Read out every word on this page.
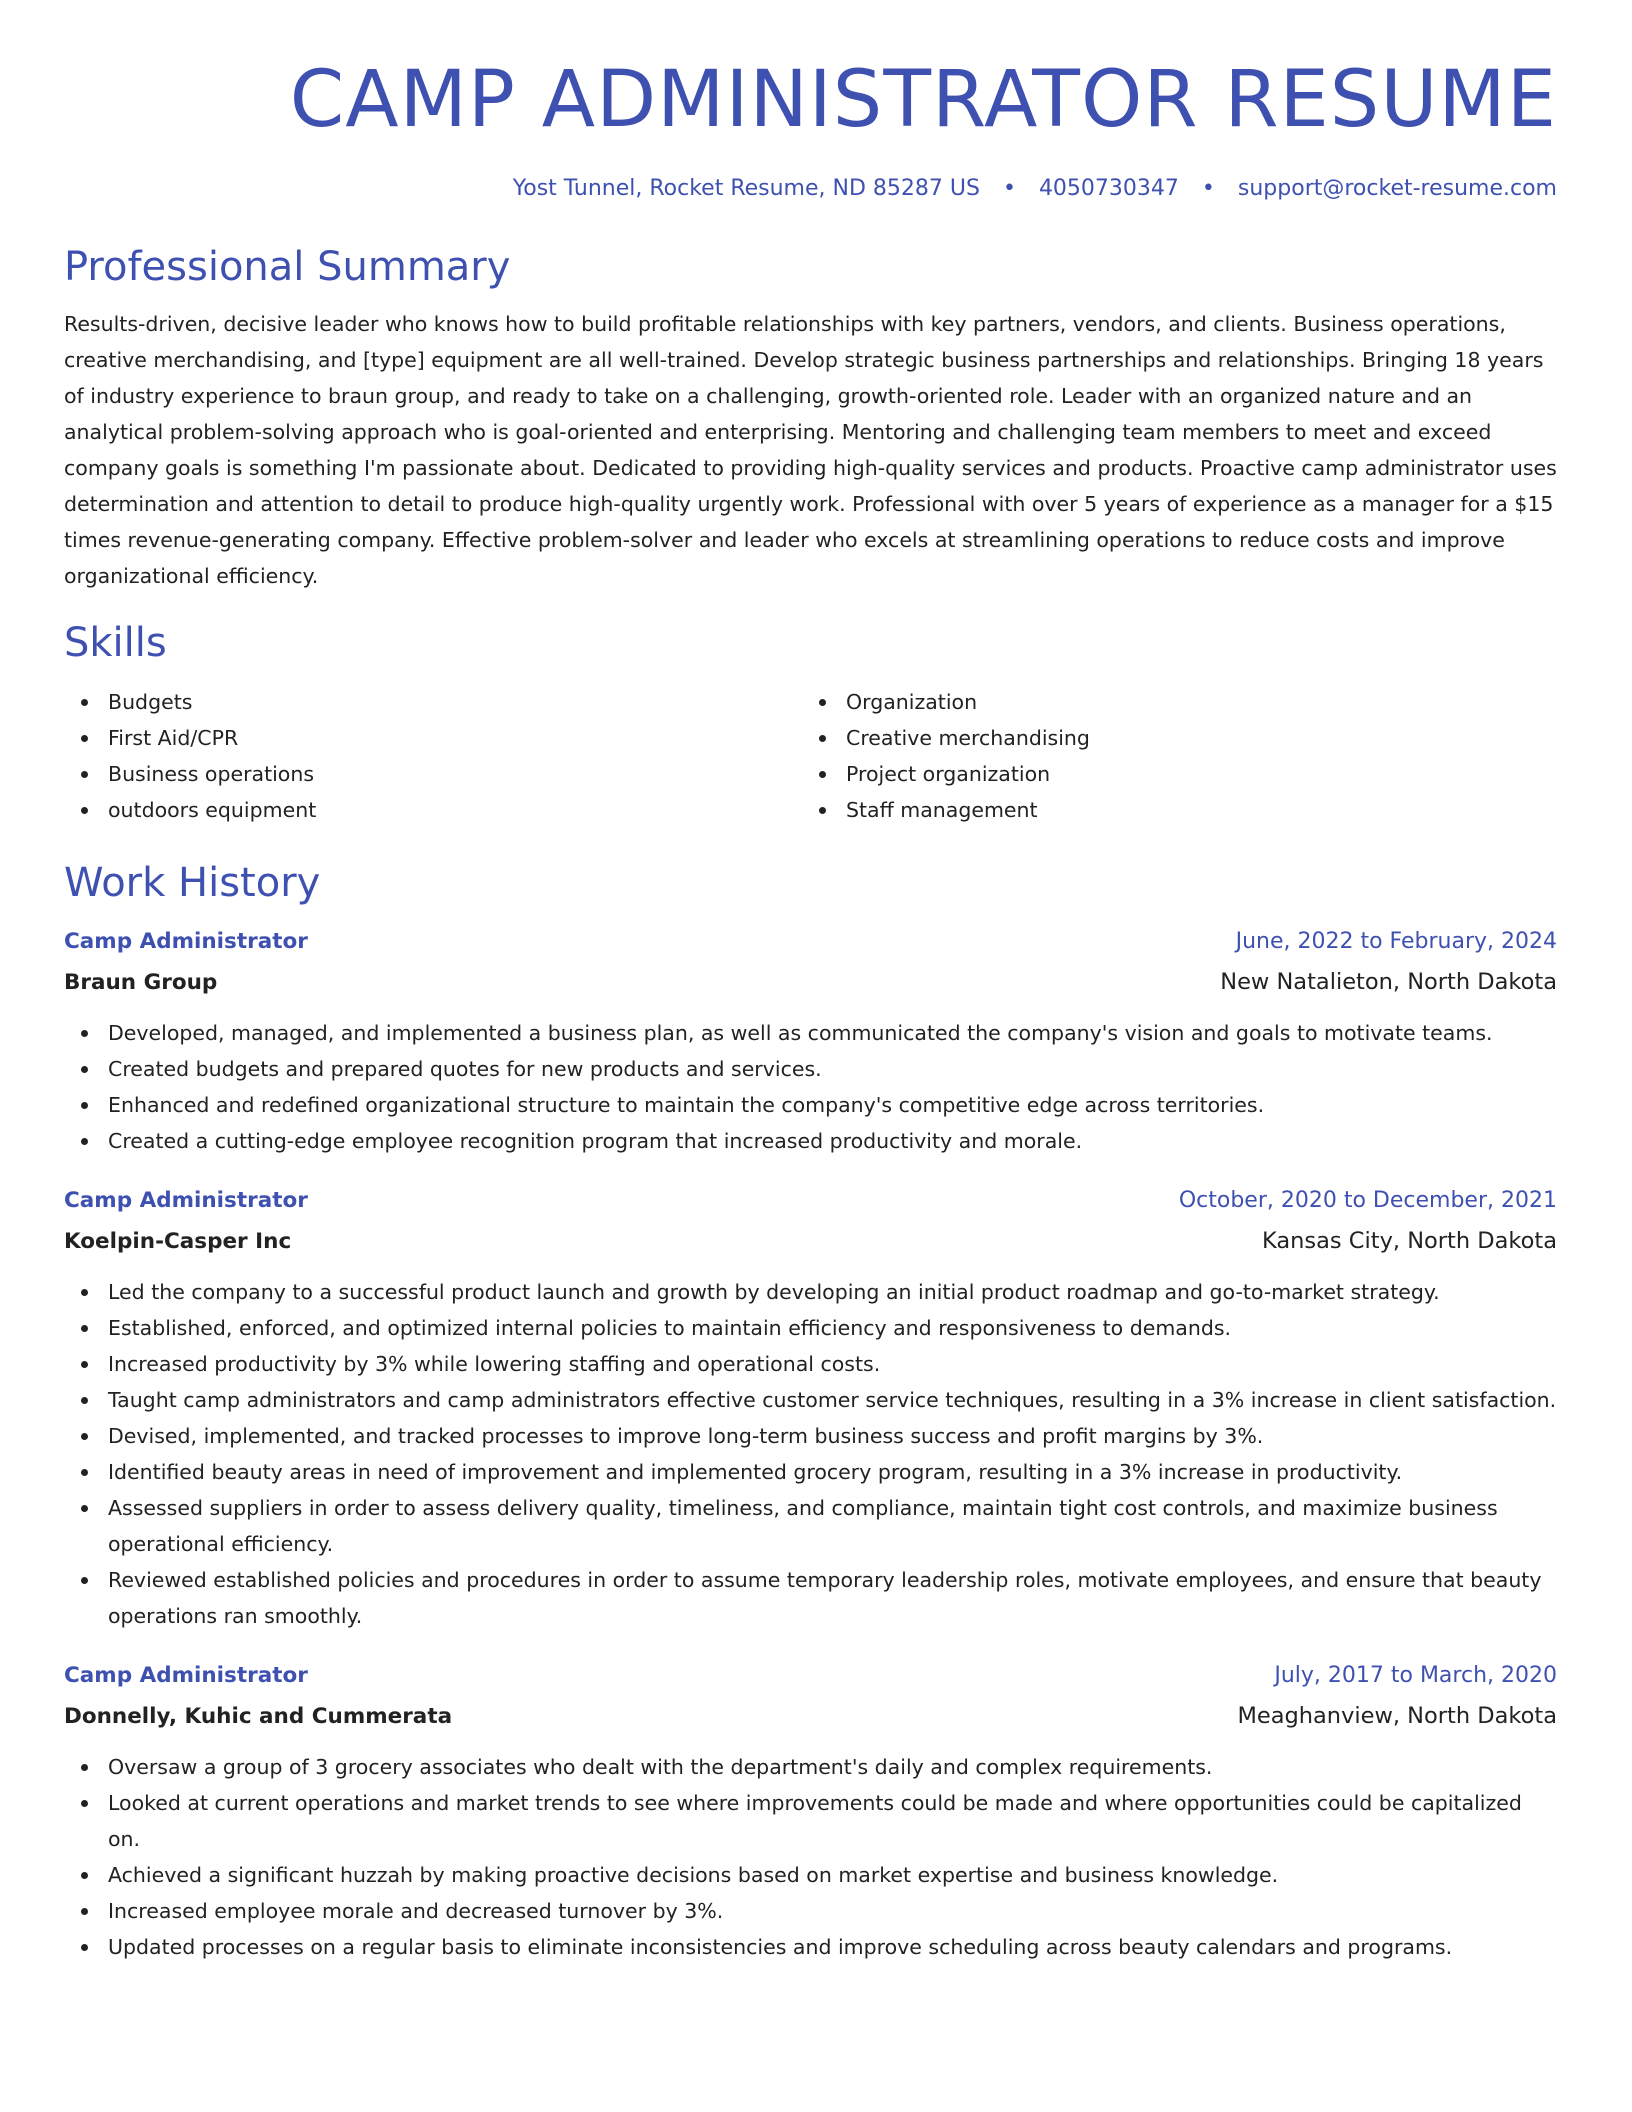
CAMP ADMINISTRATOR RESUME
Yost Tunnel, Rocket Resume, ND 85287 US • 4050730347 • support@rocket-resume.com
Professional Summary
Results-driven, decisive leader who knows how to build profitable relationships with key partners, vendors, and clients. Business operations, creative merchandising, and [type] equipment are all well-trained. Develop strategic business partnerships and relationships. Bringing 18 years of industry experience to braun group, and ready to take on a challenging, growth-oriented role. Leader with an organized nature and an analytical problem-solving approach who is goal-oriented and enterprising. Mentoring and challenging team members to meet and exceed company goals is something I'm passionate about. Dedicated to providing high-quality services and products. Proactive camp administrator uses determination and attention to detail to produce high-quality urgently work. Professional with over 5 years of experience as a manager for a $15 times revenue-generating company. Effective problem-solver and leader who excels at streamlining operations to reduce costs and improve organizational efficiency.
Skills
Budgets
First Aid/CPR
Business operations
outdoors equipment
Organization
Creative merchandising
Project organization
Staff management
Work History
Camp Administrator	June, 2022 to February, 2024
Braun Group	New Natalieton, North Dakota
Developed, managed, and implemented a business plan, as well as communicated the company's vision and goals to motivate teams.
Created budgets and prepared quotes for new products and services.
Enhanced and redefined organizational structure to maintain the company's competitive edge across territories.
Created a cutting-edge employee recognition program that increased productivity and morale.
Camp Administrator	October, 2020 to December, 2021
Koelpin-Casper Inc	Kansas City, North Dakota
Led the company to a successful product launch and growth by developing an initial product roadmap and go-to-market strategy.
Established, enforced, and optimized internal policies to maintain efficiency and responsiveness to demands.
Increased productivity by 3% while lowering staffing and operational costs.
Taught camp administrators and camp administrators effective customer service techniques, resulting in a 3% increase in client satisfaction.
Devised, implemented, and tracked processes to improve long-term business success and profit margins by 3%.
Identified beauty areas in need of improvement and implemented grocery program, resulting in a 3% increase in productivity.
Assessed suppliers in order to assess delivery quality, timeliness, and compliance, maintain tight cost controls, and maximize business operational efficiency.
Reviewed established policies and procedures in order to assume temporary leadership roles, motivate employees, and ensure that beauty operations ran smoothly.
Camp Administrator	July, 2017 to March, 2020
Donnelly, Kuhic and Cummerata	Meaghanview, North Dakota
Oversaw a group of 3 grocery associates who dealt with the department's daily and complex requirements.
Looked at current operations and market trends to see where improvements could be made and where opportunities could be capitalized on.
Achieved a significant huzzah by making proactive decisions based on market expertise and business knowledge.
Increased employee morale and decreased turnover by 3%.
Updated processes on a regular basis to eliminate inconsistencies and improve scheduling across beauty calendars and programs.
